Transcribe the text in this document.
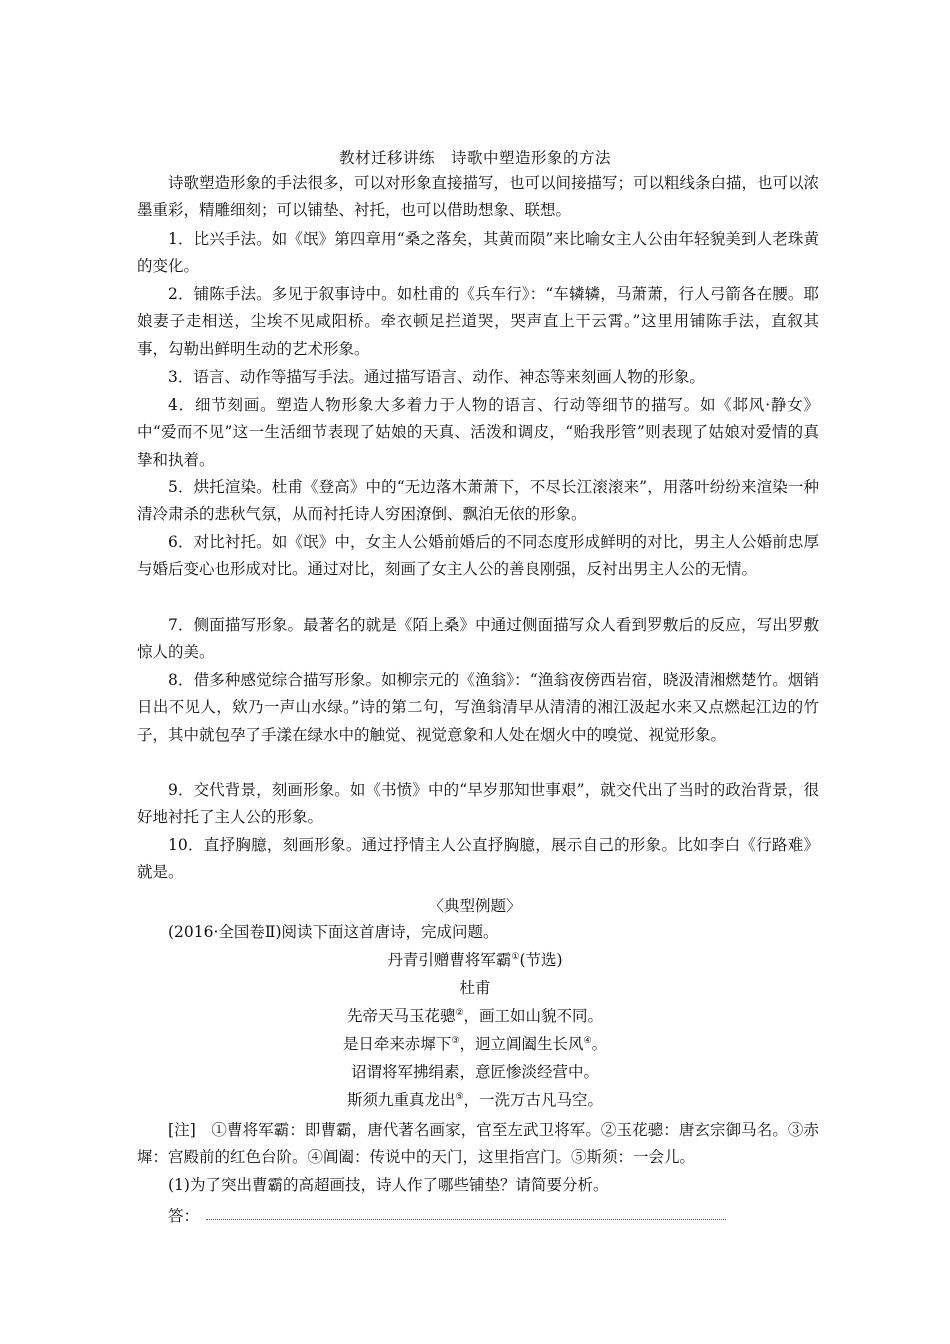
教材迁移讲练　诗歌中塑造形象的方法
诗歌塑造形象的手法很多，可以对形象直接描写，也可以间接描写；可以粗线条白描，也可以浓墨重彩，精雕细刻；可以铺垫、衬托，也可以借助想象、联想。
1．比兴手法。如《氓》第四章用“桑之落矣，其黄而陨”来比喻女主人公由年轻貌美到人老珠黄的变化。
2．铺陈手法。多见于叙事诗中。如杜甫的《兵车行》：“车辚辚，马萧萧，行人弓箭各在腰。耶娘妻子走相送，尘埃不见咸阳桥。牵衣顿足拦道哭，哭声直上干云霄。”这里用铺陈手法，直叙其事，勾勒出鲜明生动的艺术形象。
3．语言、动作等描写手法。通过描写语言、动作、神态等来刻画人物的形象。
4．细节刻画。塑造人物形象大多着力于人物的语言、行动等细节的描写。如《邶风·静女》中“爱而不见”这一生活细节表现了姑娘的天真、活泼和调皮，“贻我彤管”则表现了姑娘对爱情的真挚和执着。
5．烘托渲染。杜甫《登高》中的“无边落木萧萧下，不尽长江滚滚来”，用落叶纷纷来渲染一种清冷肃杀的悲秋气氛，从而衬托诗人穷困潦倒、飘泊无依的形象。
6．对比衬托。如《氓》中，女主人公婚前婚后的不同态度形成鲜明的对比，男主人公婚前忠厚与婚后变心也形成对比。通过对比，刻画了女主人公的善良刚强，反衬出男主人公的无情。
7．侧面描写形象。最著名的就是《陌上桑》中通过侧面描写众人看到罗敷后的反应，写出罗敷惊人的美。
8．借多种感觉综合描写形象。如柳宗元的《渔翁》：“渔翁夜傍西岩宿，晓汲清湘燃楚竹。烟销日出不见人，欸乃一声山水绿。”诗的第二句，写渔翁清早从清清的湘江汲起水来又点燃起江边的竹子，其中就包孕了手漾在绿水中的触觉、视觉意象和人处在烟火中的嗅觉、视觉形象。
9．交代背景，刻画形象。如《书愤》中的“早岁那知世事艰”，就交代出了当时的政治背景，很好地衬托了主人公的形象。
10．直抒胸臆，刻画形象。通过抒情主人公直抒胸臆，展示自己的形象。比如李白《行路难》就是。
〈典型例题〉
(2016·全国卷Ⅱ)阅读下面这首唐诗，完成问题。
丹青引赠曹将军霸①(节选)
杜甫
先帝天马玉花骢②，画工如山貌不同。
是日牵来赤墀下③，迥立阊阖生长风④。
诏谓将军拂绢素，意匠惨淡经营中。
斯须九重真龙出⑤，一洗万古凡马空。
[注]　①曹将军霸：即曹霸，唐代著名画家，官至左武卫将军。②玉花骢：唐玄宗御马名。③赤墀：宫殿前的红色台阶。④阊阖：传说中的天门，这里指宫门。⑤斯须：一会儿。
(1)为了突出曹霸的高超画技，诗人作了哪些铺垫？请简要分析。
答：
